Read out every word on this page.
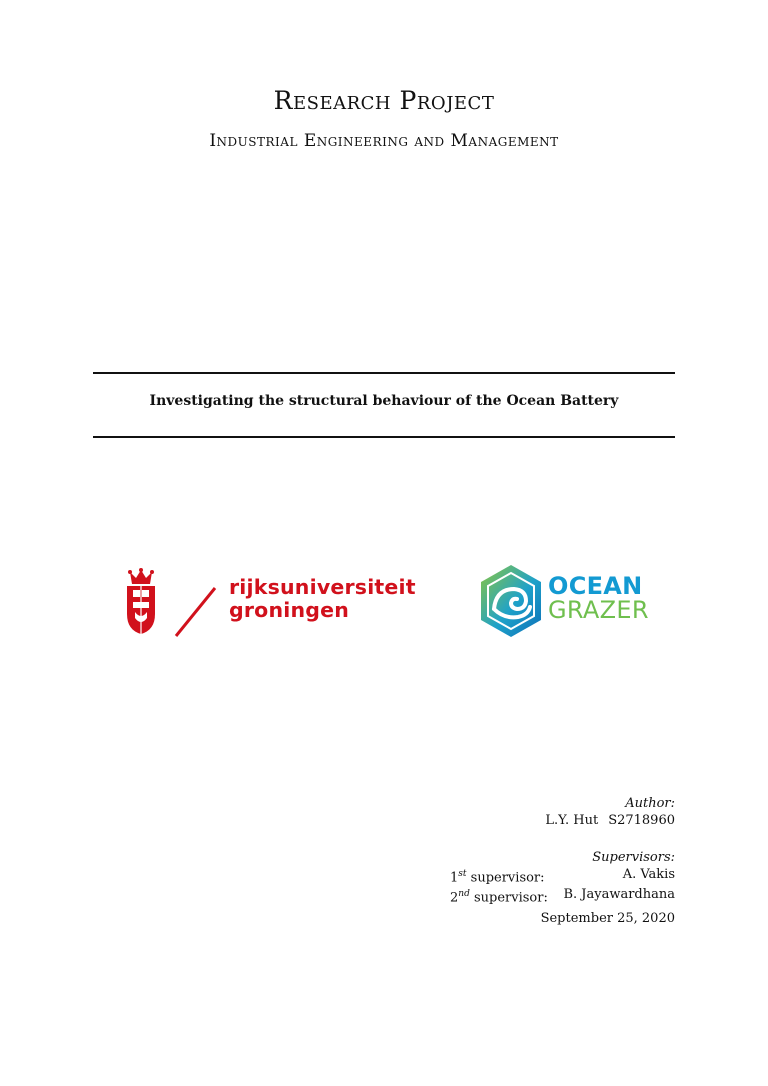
Research Project
Industrial Engineering and Management
Investigating the structural behaviour of the Ocean Battery
rijksuniversiteit
groningen
OCEAN
GRAZER
Author:
L.Y. Hut S2718960
Supervisors:
1st supervisor:	A. Vakis
2nd supervisor: B. Jayawardhana
September 25, 2020
